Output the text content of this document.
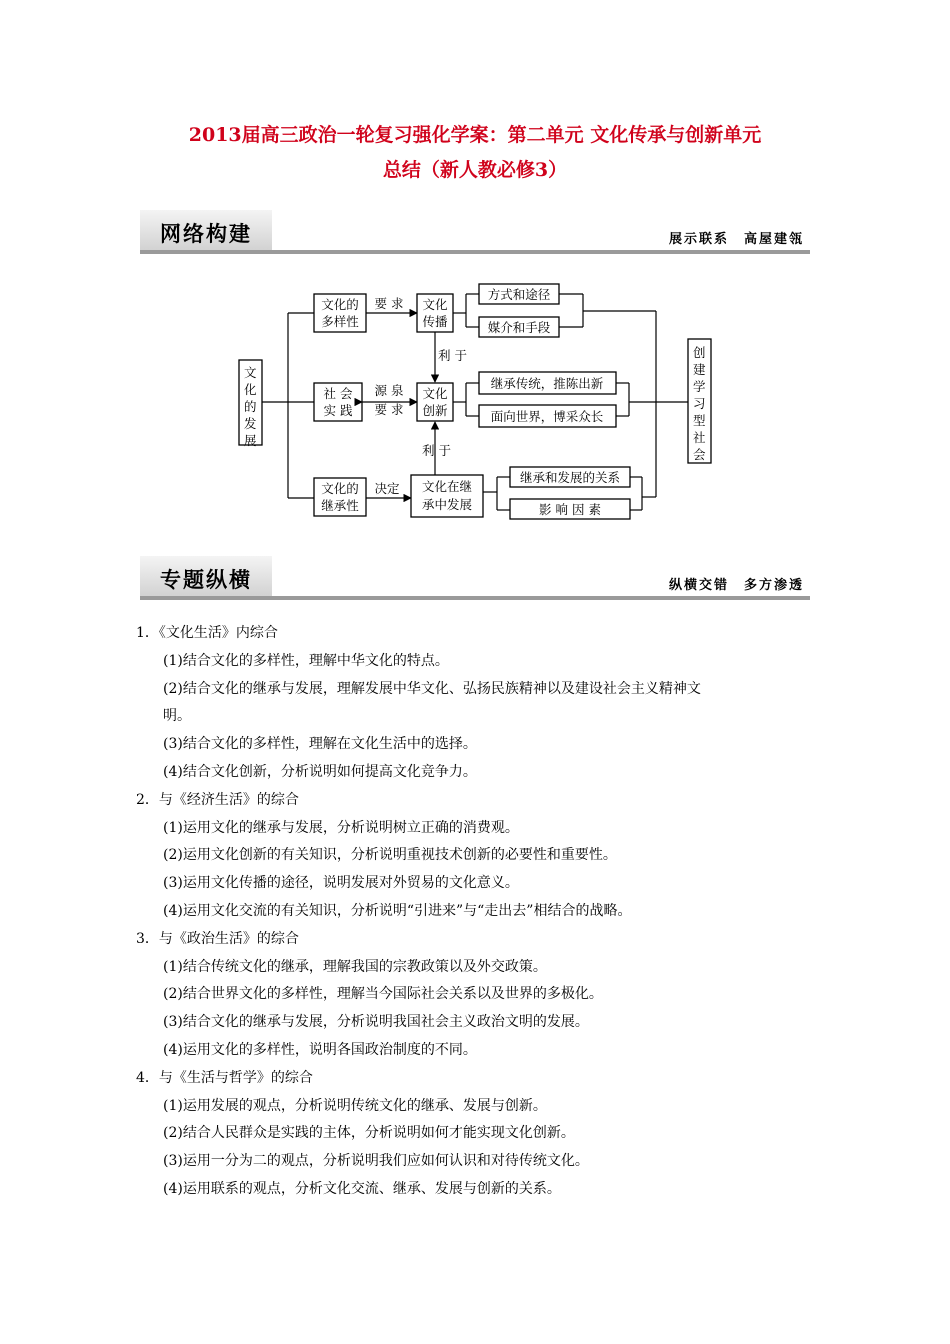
2013届高三政治一轮复习强化学案：第二单元 文化传承与创新单元
总结（新人教必修3）
网络构建	展示联系　高屋建瓴
文 化 的 发 展
文化的
多样性
要 求 文化
传播
方式和途径
媒介和手段
利 于
社 会
实 践
源 泉
要 求
文化
创新
继承传统，推陈出新
面向世界，博采众长
利 于
文化的
继承性
决定 文化在继
承中发展
继承和发展的关系
影 响 因 素
创 建 学 习 型 社 会
专题纵横	纵横交错　多方渗透

1．《文化生活》内综合

(1)结合文化的多样性，理解中华文化的特点。

(2)结合文化的继承与发展，理解发展中华文化、弘扬民族精神以及建设社会主义精神文

明。

(3)结合文化的多样性，理解在文化生活中的选择。

(4)结合文化创新，分析说明如何提高文化竞争力。

2．与《经济生活》的综合

(1)运用文化的继承与发展，分析说明树立正确的消费观。

(2)运用文化创新的有关知识，分析说明重视技术创新的必要性和重要性。

(3)运用文化传播的途径，说明发展对外贸易的文化意义。

(4)运用文化交流的有关知识，分析说明“引进来”与“走出去”相结合的战略。

3．与《政治生活》的综合

(1)结合传统文化的继承，理解我国的宗教政策以及外交政策。

(2)结合世界文化的多样性，理解当今国际社会关系以及世界的多极化。

(3)结合文化的继承与发展，分析说明我国社会主义政治文明的发展。

(4)运用文化的多样性，说明各国政治制度的不同。

4．与《生活与哲学》的综合

(1)运用发展的观点，分析说明传统文化的继承、发展与创新。

(2)结合人民群众是实践的主体，分析说明如何才能实现文化创新。

(3)运用一分为二的观点，分析说明我们应如何认识和对待传统文化。

(4)运用联系的观点，分析文化交流、继承、发展与创新的关系。
